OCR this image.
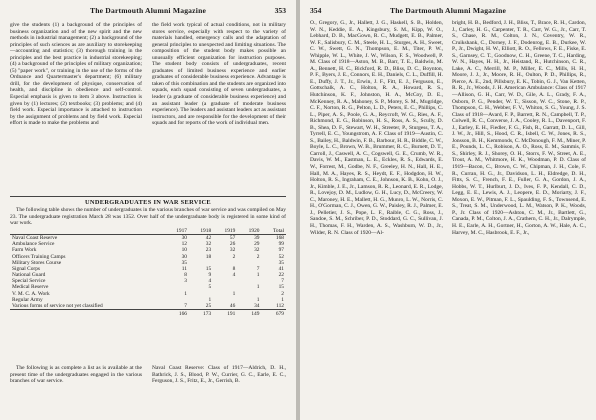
The Dartmouth Alumni Magazine	353

give the students (1) a background of the principles of business organization and of the new spirit and the new methods in industrial management; (2) a background of the principles of such sciences as are auxiliary to storekeeping—accounting and statistics; (3) thorough training in the principles and the best practice in industrial storekeeping; (4) a background of the principles of military organization; (5) "paper work", or training in the use of the forms of the Ordnance and Quartermaster's department; (6) military drill, for the development of physique, conservation of health, and discipline in obedience and self-control. Especial emphasis is given to item 3 above. Instruction is given by (1) lectures; (2) textbooks; (3) problems; and (4) field work. Especial importance is attached to instruction by the assignment of problems and by field work. Especial effort is made to make the problems and

the field work typical of actual conditions, not in military stores service, especially with respect to the variety of materials handled, emergency calls and the adaptation of general principles to unexpected and limiting situations. The composition of the student body makes possible an unusually efficient organization for instruction purposes. The student body consists of undergraduates, recent graduates of limited business experience and earlier graduates of considerable business experience. Advantage is taken of this combination and the students are organized into squads, each squad consisting of seven undergraduates, a leader (a graduate of considerable business experience) and an assistant leader (a graduate of moderate business experience). The leaders and assistant leaders act as assistant instructors, and are responsible for the development of their squads and for reports of the work of individual men.

UNDERGRADUATES IN WAR SERVICE

The following table shows the number of undergraduates in the various branches of war service and was compiled on May 23. The undergraduate registration March 28 was 1352. Over half of the undergraduate body is registered in some kind of war work.

	1917	1918	1919	1920	Total
Naval Coast Reserve	30	42	57	39	168
Ambulance Service	12	32	26	29	99
Farm Work	10	23	32	32	97
Officers Training Camps	30	18	2	2	52
Military Stores Course	35				35
Signal Corps	11	15	8	7	41
National Guard	8	9	4	1	22
Special Service	3	4			7
Medical Reserve		5		1	15
V. M. C. A. Work	1		1		2
Regular Army		1		1	1
Various forms of service not yet classified	7	25	46	34	112
	166	173	191	149	679

The following is as complete a list as is available at the present time of the undergraduates engaged in the various branches of war service.

Naval Coast Reserve: Class of 1917—Aldrich, D. H., Bathrick, J. S., Blood, P. W., Currier, G. C., Earle, E. C., Ferguson, J. S., Fritz, E., Jr., Gerrish, B.

354	The Dartmouth Alumni Magazine

O., Gregory, G., Jr., Hallett, J. G., Haskell, S. B., Holden, W. N., Keddie, E. A., Kingsbury, S. M., Kipp, W. O., Lebhard, D. B., MacGown, R. C., Mudgett, E. B., Palmer, W. F., Salisbury, C. M., Steele, H. L., Sturges, A. H., Sweet, C. W., Swett, G. N., Thompson, E. M., Titer, P. W., Whipple, W. L., White, J. W., Wilson, F. S., Woodwell, P. M. Class of 1918—Aston, M. B., Barr, T. E., Baldwin, M. A., Bennett, H. C., Bickford, R. D., Bliss, D. C., Boynton, P. F., Byers, J. E., Connors, E. H., Daniels, C. L., Duffill, H. E., Duffy, J. T., Jr., Erwin, J. F., Fitt, E. J., Ferguson, E., Gottschalk, A. C., Holton, R. A., Howard, R. S., Hutchinson, K. F., Johnston, H. A., McCoy, D. E., McKenney, R. A., Mahoney, S. P., Morey, S. M., Mugridge, C. F., Norton, R. G., Pelton, L. D., Peters, E. C., Phillips, C. L., Piper, A. S., Poole, G. A., Reycroft, W. G., Ries, A. F., Richmond, E. G., Robinson, H. S., Ross, A. S., Scully, D. B., Shea, D. F., Stewart, W. H., Streeter, P., Sturgess, T. A., Tyrrell, E. C., Youngstrom, A. F. Class of 1919—Austin, C. S., Bailey, H., Baldwin, F. B., Barbour, H. R., Biddle, C. W., Boyle, L. C., Brown, W. B., Brummer, R. C., Burnett, D. T., Carroll, J., Caswell, A. C., Cogswell, G. E., Crumb, W. R., Davis, W. M., Eastman, L. E., Eckles, R. S., Edwards, E. W., Forrest, M., Godbe, N. F., Greeley, H. N., Hall, H. E., Hall, M. A., Hayes, R. S., Heydt, E. F., Hodgdon, H. W., Holton, R. S., Ingraham, C. E., Johnson, K. B., Kohn, O. J., Jr., Kimble, J. E., Jr., Lamson, R. R., Leonard, E. R., Lodge, R., Lovejoy, D. M., Ludlow, G. H., Lucy, D., McCreery, W. C., Maroney, H. E., Mallett, H. G., Munro, L. W., Norris, C. H., O'Gorman, C. J., Owen, G. W., Paisley, R. J., Palmer, E. J., Pelletier, J. S., Pope, L. F., Raible, C. G., Ross, J., Sandoe, S. M., Schriber, P. D., Stoddard, G. C., Sullivan, J. H., Thomas, F. H., Warden, A. S., Washburn, W. D., Jr., Wilder, R. N. Class of 1920—Al-

bright, H. B., Bedford, J. H., Bliss, T., Brace, R. H., Cardon, J., Carley, H. G., Carpenter, T. R., Carr, W. G., Jr., Carr, T. S., Chase, R. M., Colton, J. N., Coventry, W. R., Cruikshank, C., Dorney, J. F., Dodenrog, E. B., Durkee, W. P., Jr., Dwight, H. W., Elliott, R. O., Fellows, F. E., Fiske, E. S., Garnsey, C. T., Goodnow, C. H., Greene, T. C., Harding, W. N., Hayes, H. H., Jr., Heistand, R., Hutchinson, C. R., Lake, A. C., Merrill, M. P., Miller, E. C., Mills, H. H., Moore, J. J., Jr., Moore, R. H., Oulton, P. D., Phillips, R., Pierce, A. E., 2nd, Pillsbury, E. K., Tobin, G. J., Van Ketten, R. R., Jr., Woods, J. H. American Ambulance: Class of 1917—Allison, G. H., Carr, W. D., Gile, A. L., Grady, F. A., Osborn, P. G., Pender, W. T., Sisson, W. C., Stone, R. P., Thompson, C. H., Webber, F. V., Whiton, S. G., Young, J. S. Class of 1918—Avard, F. P., Barrett, R. N., Campbell, T. P., Colwell, R. C., Converse, J. A., Cooley, R. L., Davenport, F. J., Earley, E. H., Fiedler, F. G., Fish, R., Garratt, D. L., Gill, J. W., Jr., Hill, S., Hood, C. R., Isbell, C. W., Jones, R. S., Jonsson, B. H., Kemmonds, C. McDonough, F. M., Miner, P. E., Pounds, L. C., Robison, A. O., Ross, E. M., Sammis, F. S., Shirley, R. J., Shorey, O. H., Storrs, F. W., Street, A. E., Trout, A. M., Whitmore, H. K., Woodman, P. D. Class of 1919—Bacon, C., Brown, C. W., Chipman, J. H., Cole, F. R., Curran, H. G., Jr., Davidson, L. H., Eldredge, D. H., Fitts, S. C., French, F. E., Fuller, G. A., Gordon, J. A., Hobbs, W. T., Hurlburt, J. D., Ives, F. P., Kendall, C. D., Legg, E. E., Lewis, A. J., Leopere, E. D., Moriarty, J. F., Moxon, E. W., Pitman, F. L., Spaulding, F. S., Townsend, E. S., Treat, S. M., Underwood, L. M., Watson, P. K., Woods, P., Jr. Class of 1920—Ashton, C. M., Jr., Bartlett, G., Canada, P. M., Colton, J. A., Crathern, C. H., Jr., Dalrymple, H. E., Earle, A. H., Gortner, H., Gorton, A. W., Hale, A. C., Harvey, M. C., Hasbrook, E. F., Jr.,
